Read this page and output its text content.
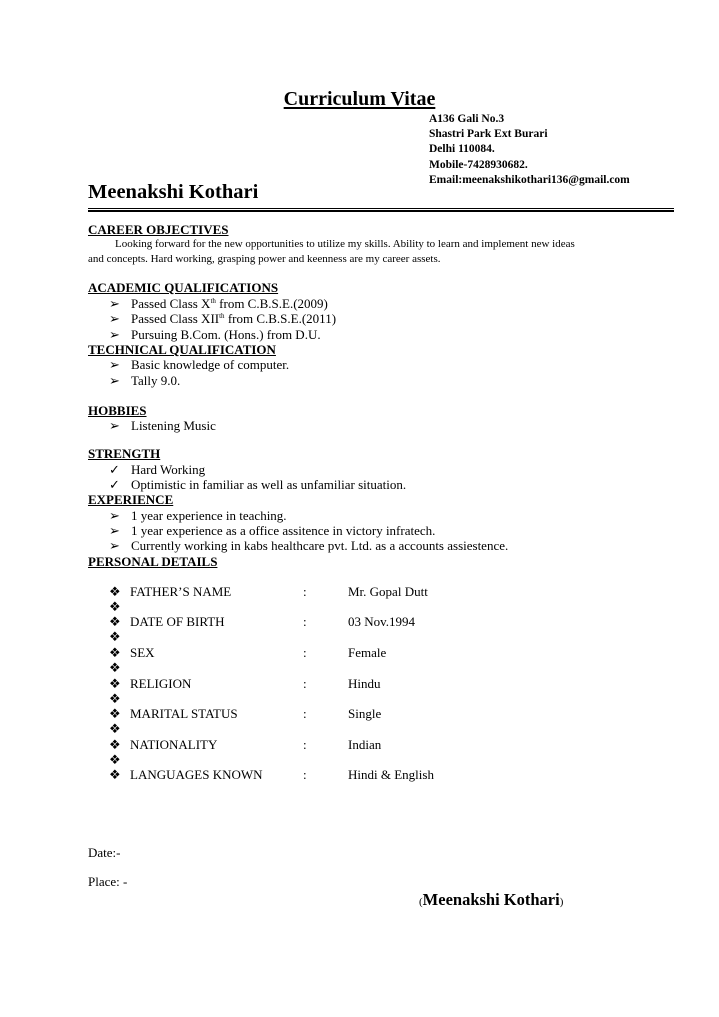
Curriculum Vitae
A136 Gali No.3
Shastri Park Ext Burari
Delhi 110084.
Mobile-7428930682.
Email:meenakshikothari136@gmail.com
Meenakshi Kothari
CAREER OBJECTIVES
Looking forward for the new opportunities to utilize my skills. Ability to learn and implement new ideas
and concepts. Hard working, grasping power and keenness are my career assets.
ACADEMIC QUALIFICATIONS
➢ Passed Class Xth from C.B.S.E.(2009)
➢ Passed Class XIIth from C.B.S.E.(2011)
➢ Pursuing B.Com. (Hons.) from D.U.
TECHNICAL QUALIFICATION
➢ Basic knowledge of computer.
➢ Tally 9.0.
HOBBIES
➢ Listening Music
STRENGTH
✓ Hard Working
✓ Optimistic in familiar as well as unfamiliar situation.
EXPERIENCE
➢ 1 year experience in teaching.
➢ 1 year experience as a office assitence in victory infratech.
➢ Currently working in kabs healthcare pvt. Ltd. as a accounts assiestence.
PERSONAL DETAILS
❖ FATHER’S NAME	:	Mr. Gopal Dutt
❖
❖ DATE OF BIRTH	:	03 Nov.1994
❖
❖ SEX	:	Female
❖
❖ RELIGION	:	Hindu
❖
❖ MARITAL STATUS	:	Single
❖
❖ NATIONALITY	:	Indian
❖
❖ LANGUAGES KNOWN	:	Hindi & English
Date:-
Place: -
(Meenakshi Kothari)
